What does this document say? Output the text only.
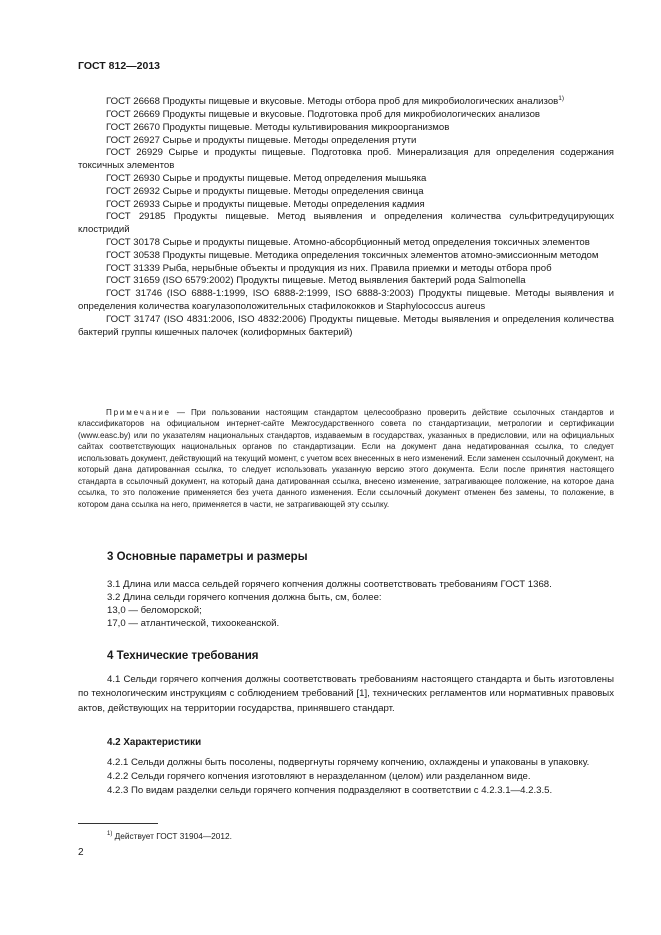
ГОСТ 812—2013

ГОСТ 26668 Продукты пищевые и вкусовые. Методы отбора проб для микробиологических анализов$^{1)}$

ГОСТ 26669 Продукты пищевые и вкусовые. Подготовка проб для микробиологических анализов

ГОСТ 26670 Продукты пищевые. Методы культивирования микроорганизмов

ГОСТ 26927 Сырье и продукты пищевые. Методы определения ртути

ГОСТ 26929 Сырье и продукты пищевые. Подготовка проб. Минерализация для определения содержания токсичных элементов

ГОСТ 26930 Сырье и продукты пищевые. Метод определения мышьяка

ГОСТ 26932 Сырье и продукты пищевые. Методы определения свинца

ГОСТ 26933 Сырье и продукты пищевые. Методы определения кадмия

ГОСТ 29185 Продукты пищевые. Метод выявления и определения количества сульфитредуцирующих клостридий

ГОСТ 30178 Сырье и продукты пищевые. Атомно-абсорбционный метод определения токсичных элементов

ГОСТ 30538 Продукты пищевые. Методика определения токсичных элементов атомно-эмиссионным методом

ГОСТ 31339 Рыба, нерыбные объекты и продукция из них. Правила приемки и методы отбора проб

ГОСТ 31659 (ISO 6579:2002) Продукты пищевые. Метод выявления бактерий рода Salmonella

ГОСТ 31746 (ISO 6888-1:1999, ISO 6888-2:1999, ISO 6888-3:2003) Продукты пищевые. Методы выявления и определения количества коагулазоположительных стафилококков и Staphylococcus aureus

ГОСТ 31747 (ISO 4831:2006, ISO 4832:2006) Продукты пищевые. Методы выявления и определения количества бактерий группы кишечных палочек (колиформных бактерий)

Примечание — При пользовании настоящим стандартом целесообразно проверить действие ссылочных стандартов и классификаторов на официальном интернет-сайте Межгосударственного совета по стандартизации, метрологии и сертификации (www.easc.by) или по указателям национальных стандартов, издаваемым в государствах, указанных в предисловии, или на официальных сайтах соответствующих национальных органов по стандартизации. Если на документ дана недатированная ссылка, то следует использовать документ, действующий на текущий момент, с учетом всех внесенных в него изменений. Если заменен ссылочный документ, на который дана датированная ссылка, то следует использовать указанную версию этого документа. Если после принятия настоящего стандарта в ссылочный документ, на который дана датированная ссылка, внесено изменение, затрагивающее положение, на которое дана ссылка, то это положение применяется без учета данного изменения. Если ссылочный документ отменен без замены, то положение, в котором дана ссылка на него, применяется в части, не затрагивающей эту ссылку.

3 Основные параметры и размеры

3.1 Длина или масса сельдей горячего копчения должны соответствовать требованиям ГОСТ 1368.

3.2 Длина сельди горячего копчения должна быть, см, более:

13,0 — беломорской;

17,0 — атлантической, тихоокеанской.

4 Технические требования

4.1 Сельди горячего копчения должны соответствовать требованиям настоящего стандарта и быть изготовлены по технологическим инструкциям с соблюдением требований [1], технических регламентов или нормативных правовых актов, действующих на территории государства, принявшего стандарт.

4.2 Характеристики

4.2.1 Сельди должны быть посолены, подвергнуты горячему копчению, охлаждены и упакованы в упаковку.

4.2.2 Сельди горячего копчения изготовляют в неразделанном (целом) или разделанном виде.

4.2.3 По видам разделки сельди горячего копчения подразделяют в соответствии с 4.2.3.1—4.2.3.5.

$^{1)}$ Действует ГОСТ 31904—2012.
2
